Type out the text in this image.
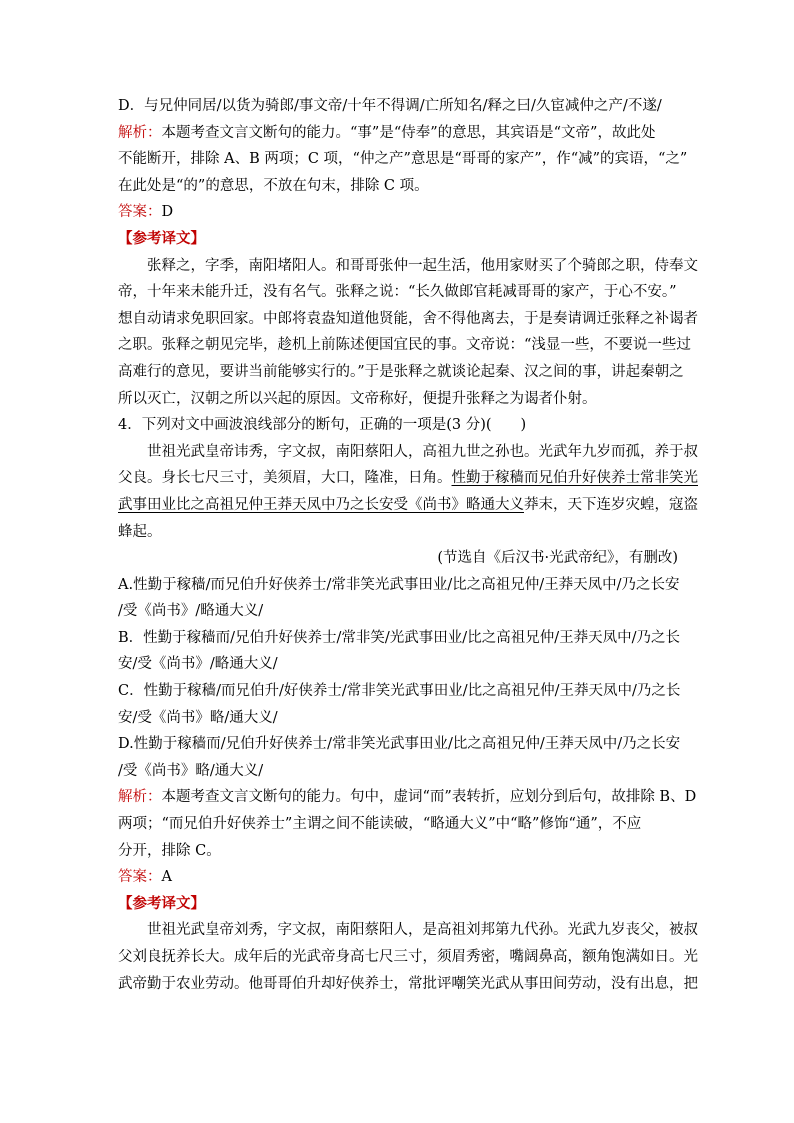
D．与兄仲同居/以货为骑郎/事文帝/十年不得调/亡所知名/释之曰/久宦减仲之产/不遂/
解析：本题考查文言文断句的能力。“事”是“侍奉”的意思，其宾语是“文帝”，故此处
不能断开，排除 A、B 两项；C 项，“仲之产”意思是“哥哥的家产”，作“减”的宾语，“之”
在此处是“的”的意思，不放在句末，排除 C 项。
答案：D
【参考译文】
张释之，字季，南阳堵阳人。和哥哥张仲一起生活，他用家财买了个骑郎之职，侍奉文
帝，十年来未能升迁，没有名气。张释之说：“长久做郎官耗减哥哥的家产，于心不安。”
想自动请求免职回家。中郎将袁盎知道他贤能，舍不得他离去，于是奏请调迁张释之补谒者
之职。张释之朝见完毕，趁机上前陈述便国宜民的事。文帝说：“浅显一些，不要说一些过
高难行的意见，要讲当前能够实行的。”于是张释之就谈论起秦、汉之间的事，讲起秦朝之
所以灭亡，汉朝之所以兴起的原因。文帝称好，便提升张释之为谒者仆射。
4．下列对文中画波浪线部分的断句，正确的一项是(3 分)(　　)
世祖光武皇帝讳秀，字文叔，南阳蔡阳人，高祖九世之孙也。光武年九岁而孤，养于叔
父良。身长七尺三寸，美须眉，大口，隆准，日角。性勤于稼穑而兄伯升好侠养士常非笑光
武事田业比之高祖兄仲王莽天凤中乃之长安受《尚书》略通大义莽末，天下连岁灾蝗，寇盗
蜂起。
(节选自《后汉书·光武帝纪》，有删改)
A.性勤于稼穑/而兄伯升好侠养士/常非笑光武事田业/比之高祖兄仲/王莽天凤中/乃之长安
/受《尚书》/略通大义/
B．性勤于稼穑而/兄伯升好侠养士/常非笑/光武事田业/比之高祖兄仲/王莽天凤中/乃之长
安/受《尚书》/略通大义/
C．性勤于稼穑/而兄伯升/好侠养士/常非笑光武事田业/比之高祖兄仲/王莽天凤中/乃之长
安/受《尚书》略/通大义/
D.性勤于稼穑而/兄伯升好侠养士/常非笑光武事田业/比之高祖兄仲/王莽天凤中/乃之长安
/受《尚书》略/通大义/
解析：本题考查文言文断句的能力。句中，虚词“而”表转折，应划分到后句，故排除 B、D
两项；“而兄伯升好侠养士”主谓之间不能读破，“略通大义”中“略”修饰“通”，不应
分开，排除 C。
答案：A
【参考译文】
世祖光武皇帝刘秀，字文叔，南阳蔡阳人，是高祖刘邦第九代孙。光武九岁丧父，被叔
父刘良抚养长大。成年后的光武帝身高七尺三寸，须眉秀密，嘴阔鼻高，额角饱满如日。光
武帝勤于农业劳动。他哥哥伯升却好侠养士，常批评嘲笑光武从事田间劳动，没有出息，把
